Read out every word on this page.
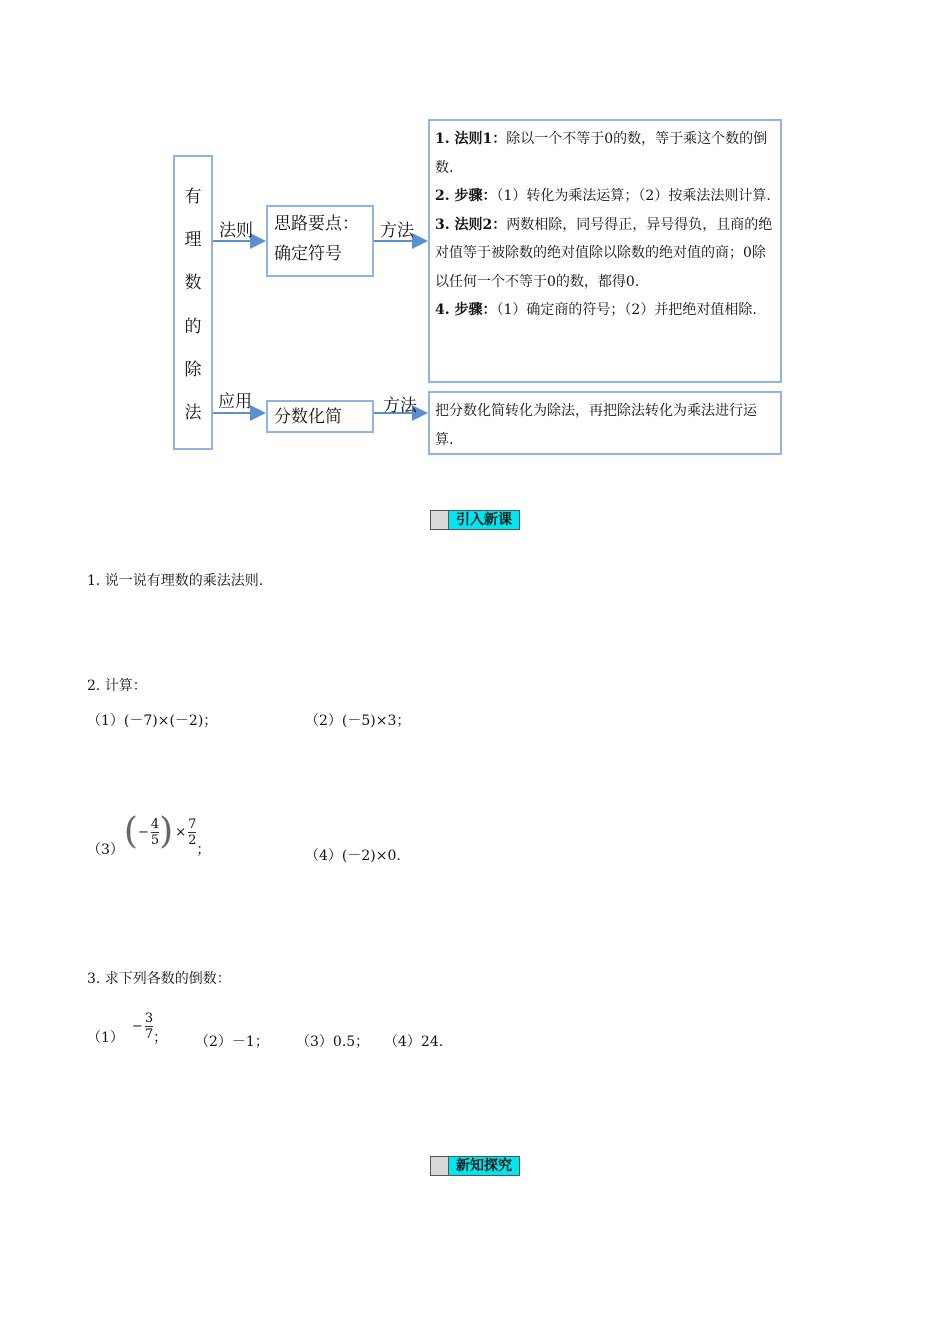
有
理
数
的
除
法
法则
应用
方法
方法
思路要点：
确定符号
分数化简
1. 法则1：除以一个不等于0的数，等于乘这个数的倒数.
2. 步骤：（1）转化为乘法运算；（2）按乘法法则计算.
3. 法则2：两数相除，同号得正，异号得负，且商的绝对值等于被除数的绝对值除以除数的绝对值的商；0除以任何一个不等于0的数，都得0.
4. 步骤：（1）确定商的符号；（2）并把绝对值相除.
把分数化简转化为除法，再把除法转化为乘法进行运算.
引入新课
1. 说一说有理数的乘法法则.
2. 计算：
（1）(－7)×(－2)；	（2）(－5)×3；
（3） ( − $\frac{4}{5}$ ) × $\frac{7}{2}$
；	（4）(－2)×0.
3. 求下列各数的倒数：
（1）
− $\frac{3}{7}$ ； （2）－1； （3）0.5； （4）24.
新知探究
